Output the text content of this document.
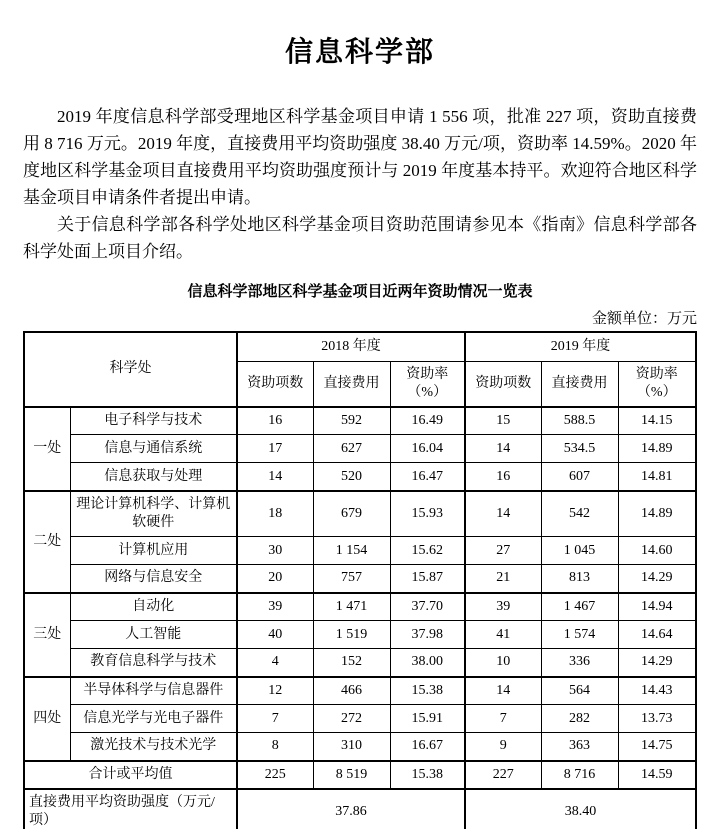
信息科学部

2019 年度信息科学部受理地区科学基金项目申请 1 556 项，批准 227 项，资助直接费用 8 716 万元。2019 年度，直接费用平均资助强度 38.40 万元/项，资助率 14.59%。2020 年度地区科学基金项目直接费用平均资助强度预计与 2019 年度基本持平。欢迎符合地区科学基金项目申请条件者提出申请。

关于信息科学部各科学处地区科学基金项目资助范围请参见本《指南》信息科学部各科学处面上项目介绍。

信息科学部地区科学基金项目近两年资助情况一览表
金额单位：万元
科学处		2018 年度			2019 年度		
		资助项数	直接费用	资助率（%）	资助项数	直接费用	资助率（%）
一处	电子科学与技术	16	592	16.49	15	588.5	14.15
	信息与通信系统	17	627	16.04	14	534.5	14.89
	信息获取与处理	14	520	16.47	16	607	14.81
二处	理论计算机科学、计算机软硬件	18	679	15.93	14	542	14.89
	计算机应用	30	1 154	15.62	27	1 045	14.60
	网络与信息安全	20	757	15.87	21	813	14.29
三处	自动化	39	1 471	37.70	39	1 467	14.94
	人工智能	40	1 519	37.98	41	1 574	14.64
	教育信息科学与技术	4	152	38.00	10	336	14.29
四处	半导体科学与信息器件	12	466	15.38	14	564	14.43
	信息光学与光电子器件	7	272	15.91	7	282	13.73
	激光技术与技术光学	8	310	16.67	9	363	14.75
合计或平均值		225	8 519	15.38	227	8 716	14.59
直接费用平均资助强度（万元/项）		37.86			38.40		
